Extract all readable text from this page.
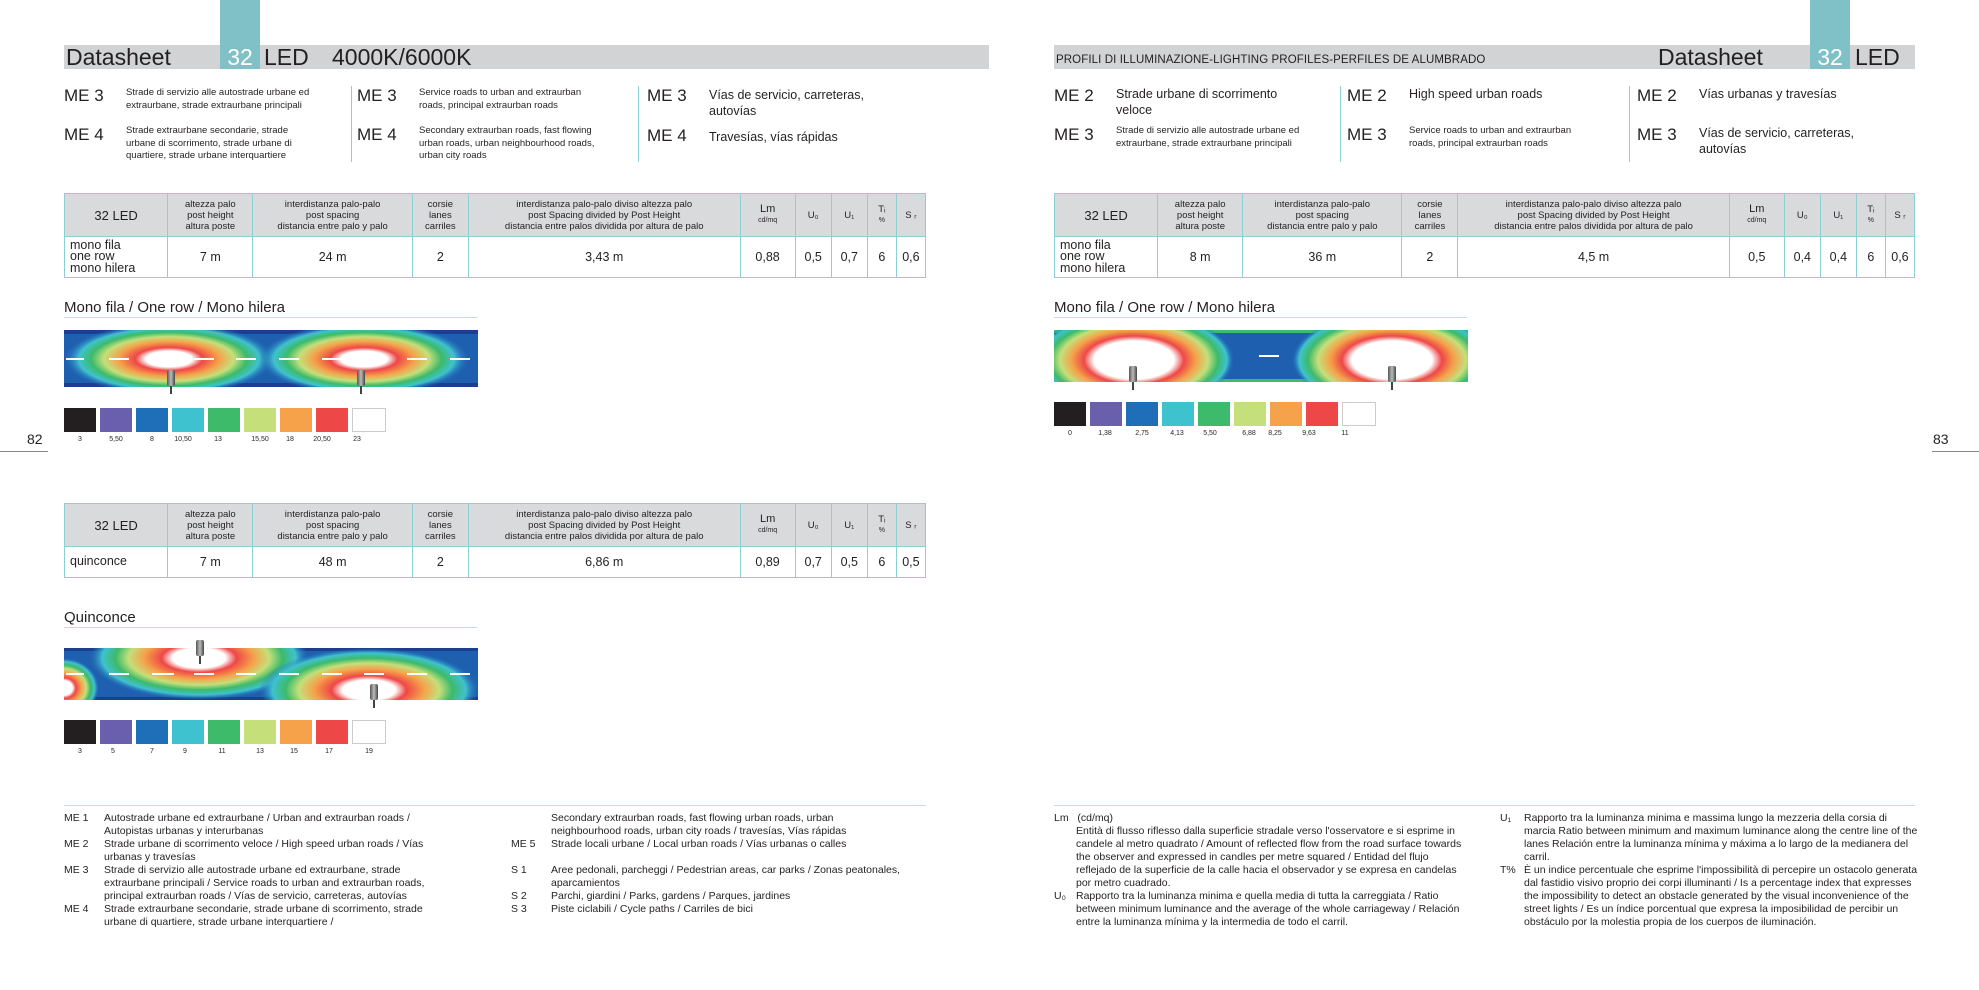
Datasheet	32 LED 4000K/6000K	PROFILI DI ILLUMINAZIONE-LIGHTING PROFILES-PERFILES DE ALUMBRADO	Datasheet	32 LED
ME 3 Strade di servizio alle autostrade urbane ed extraurbane, strade extraurbane principali
ME 4 Strade extraurbane secondarie, strade urbane di scorrimento, strade urbane di quartiere, strade urbane interquartiere
ME 3 Service roads to urban and extraurban roads, principal extraurban roads
ME 4 Secondary extraurban roads, fast flowing urban roads, urban neighbourhood roads, urban city roads
ME 3 Vías de servicio, carreteras, autovías
ME 4 Travesías, vías rápidas
32 LED	altezza palo
post height
altura poste	interdistanza palo-palo
post spacing
distancia entre palo y palo	corsie
lanes
carriles	interdistanza palo-palo diviso altezza palo
post Spacing divided by Post Height
distancia entre palos dividida por altura de palo	Lm
cd/mq	U₀	U₁	Tᵢ
%	S ᵣ
mono fila
one row
mono hilera	7 m	24 m	2	3,43 m	0,88	0,5	0,7	6	0,6
Mono fila / One row / Mono hilera
3	5,50	8	10,50	13	15,50	18	20,50	23
82
32 LED	altezza palo
post height
altura poste	interdistanza palo-palo
post spacing
distancia entre palo y palo	corsie
lanes
carriles	interdistanza palo-palo diviso altezza palo
post Spacing divided by Post Height
distancia entre palos dividida por altura de palo	Lm
cd/mq	U₀	U₁	Tᵢ
%	S ᵣ
quinconce	7 m	48 m	2	6,86 m	0,89	0,7	0,5	6	0,5
Quinconce
3	5	7	9	11	13	15	17	19
ME 1 Autostrade urbane ed extraurbane / Urban and extraurban roads / Autopistas urbanas y interurbanas
ME 2 Strade urbane di scorrimento veloce / High speed urban roads / Vías urbanas y travesías
ME 3 Strade di servizio alle autostrade urbane ed extraurbane, strade extraurbane principali / Service roads to urban and extraurban roads, principal extraurban roads / Vías de servicio, carreteras, autovías
ME 4 Strade extraurbane secondarie, strade urbane di scorrimento, strade urbane di quartiere, strade urbane interquartiere /
Secondary extraurban roads, fast flowing urban roads, urban neighbourhood roads, urban city roads / travesías, Vías rápidas
ME 5 Strade locali urbane / Local urban roads / Vías urbanas o calles
S 1 Aree pedonali, parcheggi / Pedestrian areas, car parks / Zonas peatonales, aparcamientos
S 2 Parchi, giardini / Parks, gardens / Parques, jardines
S 3 Piste ciclabili / Cycle paths / Carriles de bici
ME 2 Strade urbane di scorrimento veloce
ME 3 Strade di servizio alle autostrade urbane ed extraurbane, strade extraurbane principali
ME 2 High speed urban roads
ME 3 Service roads to urban and extraurban roads, principal extraurban roads
ME 2 Vías urbanas y travesías
ME 3 Vías de servicio, carreteras, autovías
32 LED	altezza palo
post height
altura poste	interdistanza palo-palo
post spacing
distancia entre palo y palo	corsie
lanes
carriles	interdistanza palo-palo diviso altezza palo
post Spacing divided by Post Height
distancia entre palos dividida por altura de palo	Lm
cd/mq	U₀	U₁	Tᵢ
%	S ᵣ
mono fila
one row
mono hilera	8 m	36 m	2	4,5 m	0,5	0,4	0,4	6	0,6
Mono fila / One row / Mono hilera
0	1,38	2,75	4,13	5,50	6,88	8,25	9,63	11	83
Lm (cd/mq)
Entità di flusso riflesso dalla superficie stradale verso l'osservatore e si esprime in candele al metro quadrato / Amount of reflected flow from the road surface towards the observer and expressed in candles per metre squared / Entidad del flujo reflejado de la superficie de la calle hacia el observador y se expresa en candelas por metro cuadrado.
U₀ Rapporto tra la luminanza minima e quella media di tutta la carreggiata / Ratio between minimum luminance and the average of the whole carriageway / Relación entre la luminanza mínima y la intermedia de todo el carril.
U₁ Rapporto tra la luminanza minima e massima lungo la mezzeria della corsia di marcia Ratio between minimum and maximum luminance along the centre line of the lanes Relación entre la luminanza mínima y máxima a lo largo de la medianera del carril.
T% È un indice percentuale che esprime l'impossibilità di percepire un ostacolo generata dal fastidio visivo proprio dei corpi illuminanti / Is a percentage index that expresses the impossibility to detect an obstacle generated by the visual inconvenience of the street lights / Es un índice porcentual que expresa la imposibilidad de percibir un obstáculo por la molestia propia de los cuerpos de iluminación.
